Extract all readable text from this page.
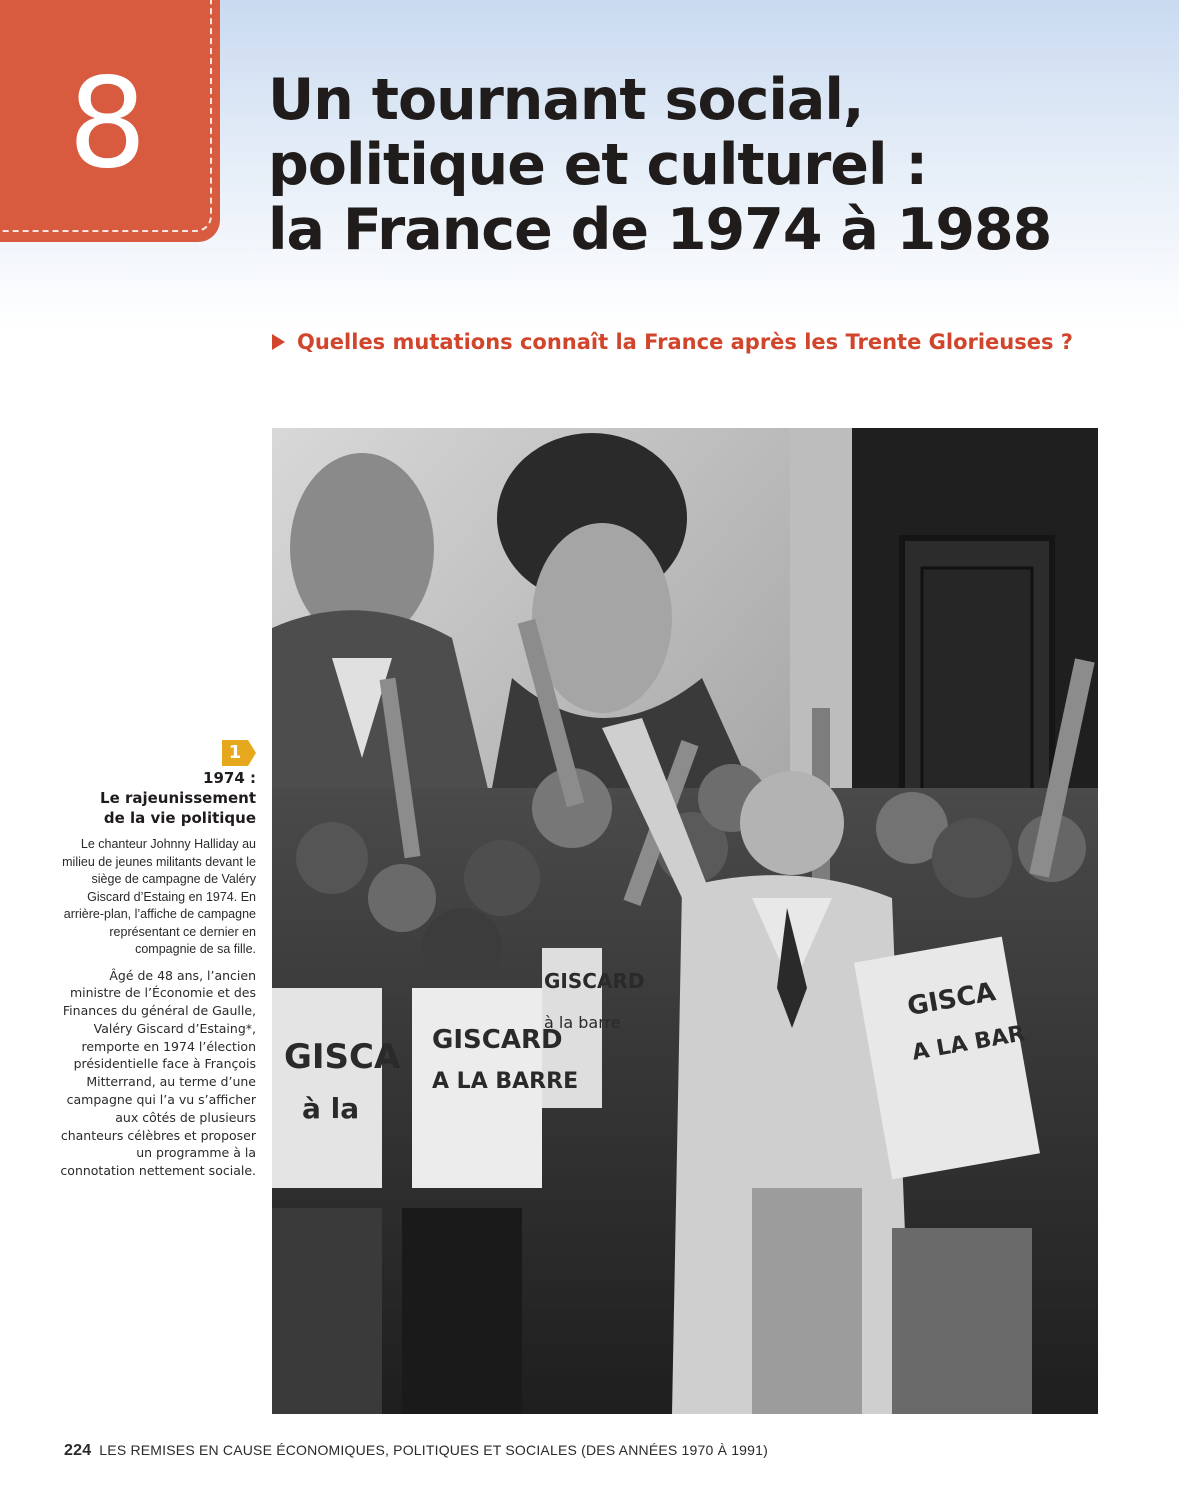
8	Un tournant social,
politique et culturel :
la France de 1974 à 1988
Quelles mutations connaît la France après les Trente Glorieuses ?
1
1974 :
Le rajeunissement
de la vie politique
Le chanteur Johnny Halliday au milieu de jeunes militants devant le siège de campagne de Valéry Giscard d’Estaing en 1974. En arrière-plan, l’affiche de campagne représentant ce dernier en compagnie de sa fille.
Âgé de 48 ans, l’ancien ministre de l’Économie et des Finances du général de Gaulle, Valéry Giscard d’Estaing*, remporte en 1974 l’élection présidentielle face à François Mitterrand, au terme d’une campagne qui l’a vu s’afficher aux côtés de plusieurs chanteurs célèbres et proposer un programme à la connotation nettement sociale.
GISCA
à la
GISCARD
A LA BARRE
GISCARD
à la barre
GISCA
A LA BAR
224 LES REMISES EN CAUSE ÉCONOMIQUES, POLITIQUES ET SOCIALES (DES ANNÉES 1970 À 1991)
